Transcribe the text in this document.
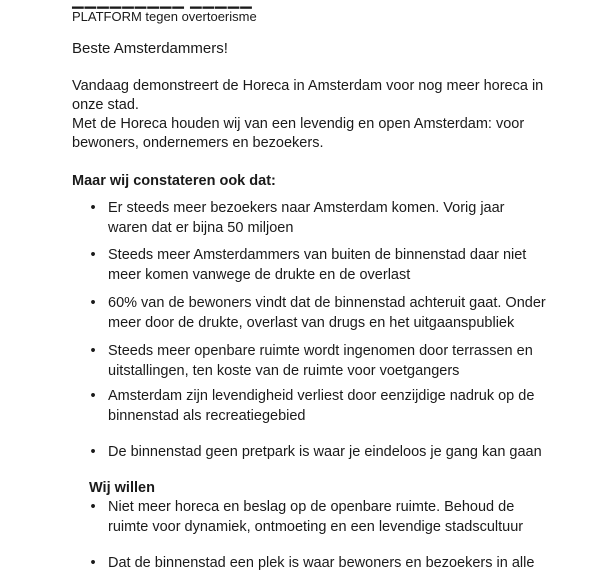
▁▁▁▁▁▁▁▁▁ ▁▁▁▁▁
PLATFORM tegen overtoerisme
Beste Amsterdammers!

Vandaag demonstreert de Horeca in Amsterdam voor nog meer horeca in onze stad.

Met de Horeca houden wij van een levendig en open Amsterdam: voor bewoners, ondernemers en bezoekers.

Maar wij constateren ook dat:
• Er steeds meer bezoekers naar Amsterdam komen. Vorig jaar waren dat er bijna 50 miljoen
• Steeds meer Amsterdammers van buiten de binnenstad daar niet meer komen vanwege de drukte en de overlast
• 60% van de bewoners vindt dat de binnenstad achteruit gaat. Onder meer door de drukte, overlast van drugs en het uitgaanspubliek
• Steeds meer openbare ruimte wordt ingenomen door terrassen en uitstallingen, ten koste van de ruimte voor voetgangers
• Amsterdam zijn levendigheid verliest door eenzijdige nadruk op de binnenstad als recreatiegebied
• De binnenstad geen pretpark is waar je eindeloos je gang kan gaan
Wij willen
• Niet meer horeca en beslag op de openbare ruimte. Behoud de ruimte voor dynamiek, ontmoeting en een levendige stadscultuur
• Dat de binnenstad een plek is waar bewoners en bezoekers in alle
